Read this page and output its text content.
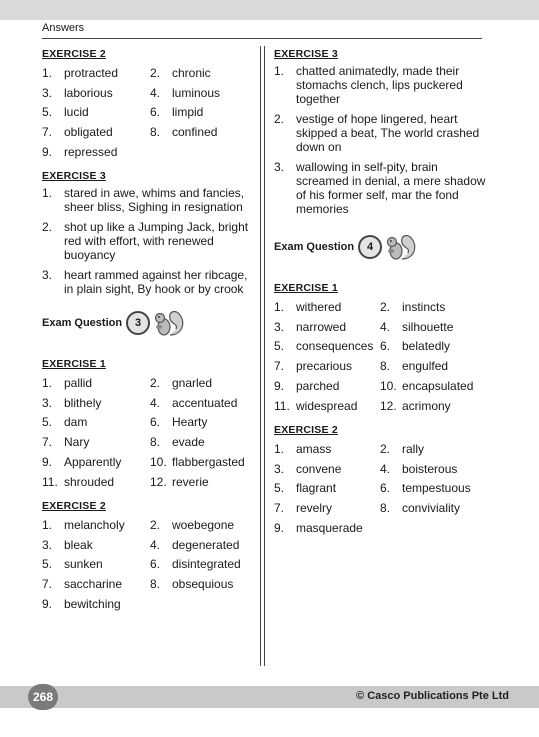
Answers
EXERCISE 2
1. protracted	2. chronic
3. laborious	4. luminous
5. lucid	6. limpid
7. obligated	8. confined
9. repressed
EXERCISE 3
1. stared in awe, whims and fancies, sheer bliss, Sighing in resignation
2. shot up like a Jumping Jack, bright red with effort, with renewed buoyancy
3. heart rammed against her ribcage, in plain sight, By hook or by crook
Exam Question	3
EXERCISE 1
1. pallid	2. gnarled
3. blithely	4. accentuated
5. dam	6. Hearty
7. Nary	8. evade
9. Apparently 10. flabbergasted
11. shrouded	12. reverie
EXERCISE 2
1. melancholy 2. woebegone
3. bleak	4. degenerated
5. sunken	6. disintegrated
7. saccharine 8. obsequious
9. bewitching
EXERCISE 3
1. chatted animatedly, made their stomachs clench, lips puckered together
2. vestige of hope lingered, heart skipped a beat, The world crashed down on
3. wallowing in self-pity, brain screamed in denial, a mere shadow of his former self, mar the fond memories
Exam Question	4
EXERCISE 1
1. withered	2. instincts
3. narrowed	4. silhouette
5. consequences 6. belatedly
7. precarious 8. engulfed
9. parched	10. encapsulated
11. widespread 12. acrimony
EXERCISE 2
1. amass	2. rally
3. convene	4. boisterous
5. flagrant	6. tempestuous
7. revelry	8. conviviality
9. masquerade
268	© Casco Publications Pte Ltd
